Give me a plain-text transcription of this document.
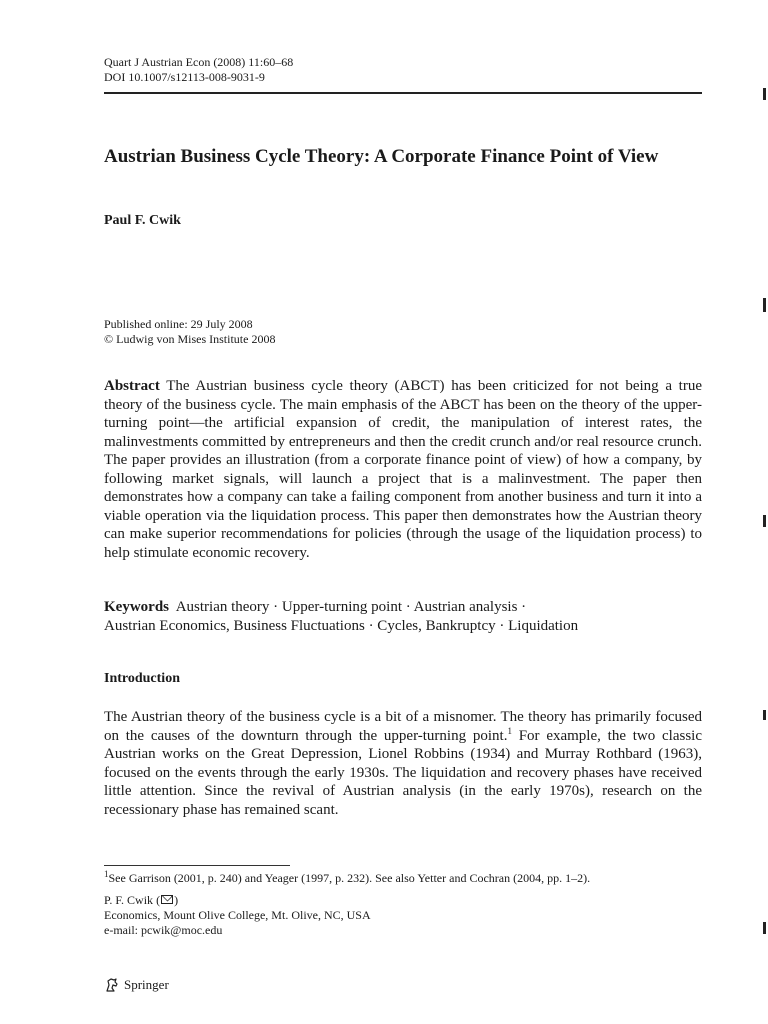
Quart J Austrian Econ (2008) 11:60–68
DOI 10.1007/s12113-008-9031-9
Austrian Business Cycle Theory: A Corporate Finance Point of View
Paul F. Cwik
Published online: 29 July 2008
© Ludwig von Mises Institute 2008
Abstract The Austrian business cycle theory (ABCT) has been criticized for not being a true theory of the business cycle. The main emphasis of the ABCT has been on the theory of the upper-turning point—the artificial expansion of credit, the manipulation of interest rates, the malinvestments committed by entrepreneurs and then the credit crunch and/or real resource crunch. The paper provides an illustration (from a corporate finance point of view) of how a company, by following market signals, will launch a project that is a malinvestment. The paper then demonstrates how a company can take a failing component from another business and turn it into a viable operation via the liquidation process. This paper then demonstrates how the Austrian theory can make superior recommendations for policies (through the usage of the liquidation process) to help stimulate economic recovery.
Keywords Austrian theory · Upper-turning point · Austrian analysis ·
Austrian Economics, Business Fluctuations · Cycles, Bankruptcy · Liquidation
Introduction
The Austrian theory of the business cycle is a bit of a misnomer. The theory has primarily focused on the causes of the downturn through the upper-turning point.$^1$ For example, the two classic Austrian works on the Great Depression, Lionel Robbins (1934) and Murray Rothbard (1963), focused on the events through the early 1930s. The liquidation and recovery phases have received little attention. Since the revival of Austrian analysis (in the early 1970s), research on the recessionary phase has remained scant.
$^1$See Garrison (2001, p. 240) and Yeager (1997, p. 232). See also Yetter and Cochran (2004, pp. 1–2).
P. F. Cwik ( )
Economics, Mount Olive College, Mt. Olive, NC, USA
e-mail: pcwik@moc.edu
Springer
